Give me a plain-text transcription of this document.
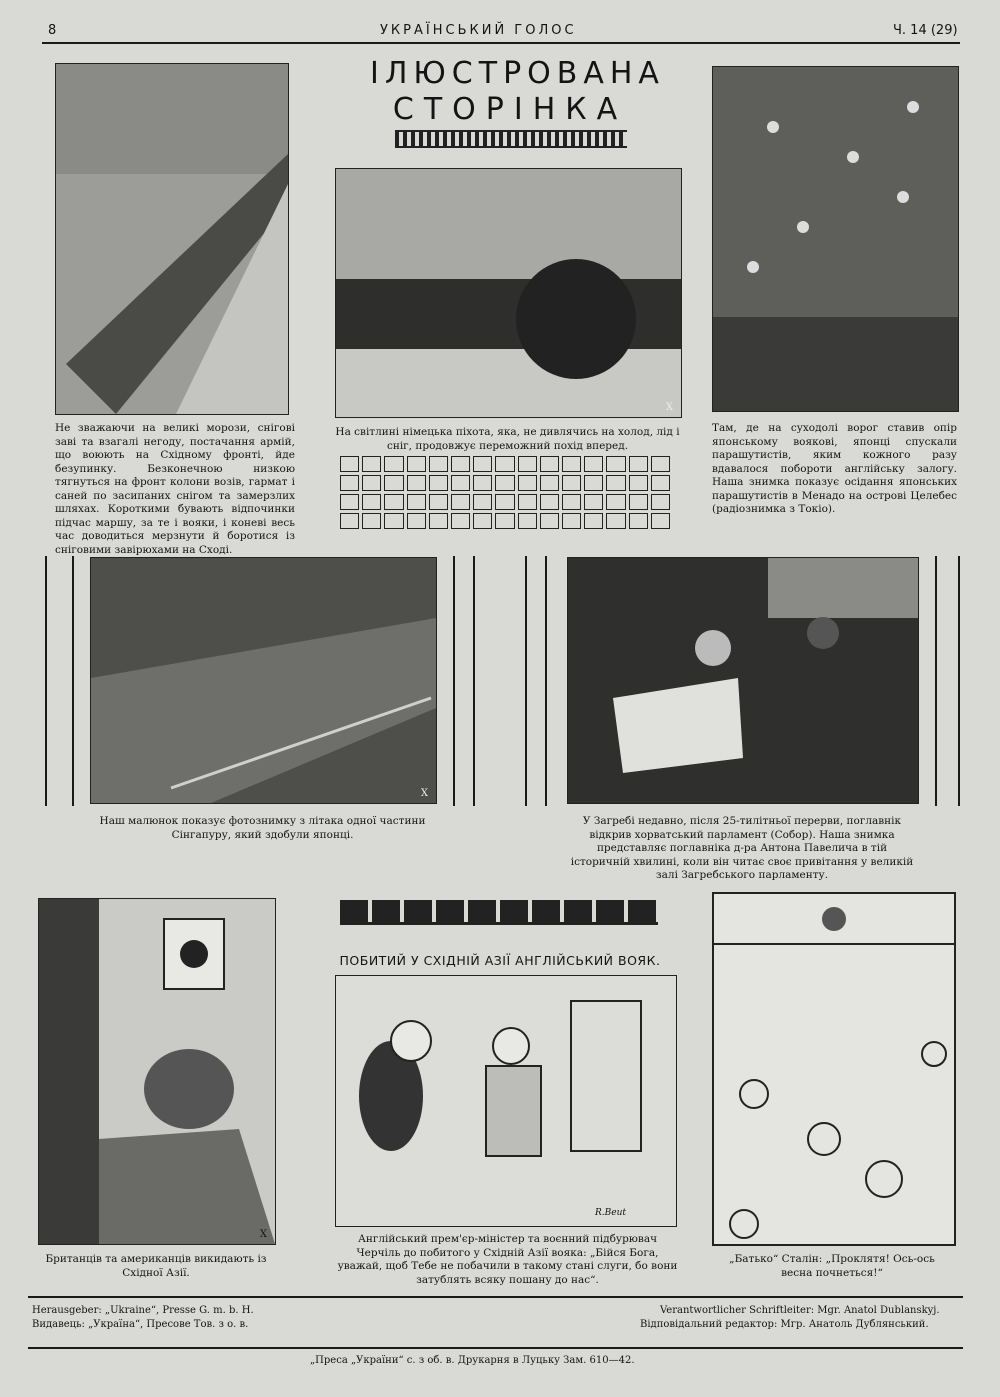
8	УКРАЇНСЬКИЙ ГОЛОС	Ч. 14 (29)
ІЛЮСТРОВАНА
СТОРІНКА
Не зважаючи на великі морози, снігові заві та взагалі негоду, постачання армій, що воюють на Східному фронті, йде безупинку. Безконечною низкою тягнуться на фронт колони возів, гармат і саней по засипаних снігом та замерзлих шляхах. Короткими бувають відпочинки підчас маршу, за те і вояки, і коневі весь час доводиться мерзнути й боротися із сніговими завірюхами на Сході.
X
На світлині німецька піхота, яка, не дивлячись на холод, лід і сніг, продовжує переможний похід вперед.
Там, де на суходолі ворог ставив опір японському воякові, японці спускали парашутистів, яким кожного разу вдавалося побороти англійську залогу. Наша знимка показує осідання японських парашутистів в Менадо на острові Целебес (радіознимка з Токіо).
X
Наш малюнок показує фотознимку з літака одної частини Сінгапуру, який здобули японці.
У Загребі недавно, після 25-тилітньої перерви, поглавнік відкрив хорватський парламент (Собор). Наша знимка представляє поглавніка д-ра Антона Павелича в тій історичній хвилині, коли він читає своє привітання у великій залі Загребського парламенту.
X
Британців та американців викидають із Східної Азії.
ПОБИТИЙ У СХІДНІЙ АЗІЇ АНГЛІЙСЬКИЙ ВОЯК.
R.Beut
Англійський прем'єр-міністер та воєнний підбурювач Черчіль до побитого у Східній Азії вояка: „Бійся Бога, уважай, щоб Тебе не побачили в такому стані слуги, бо вони затублять всяку пошану до нас“.
„Батько“ Сталін: „Проклятя! Ось-ось весна почнеться!“
Herausgeber: „Ukraine“, Presse G. m. b. H.
Видавець: „Україна“, Пресове Тов. з о. в.
Verantwortlicher Schriftleiter: Mgr. Anatol Dublanskyj.
Відповідальний редактор: Мгр. Анатоль Дублянський.
„Преса „України“ с. з об. в. Друкарня в Луцьку Зам. 610—42.
